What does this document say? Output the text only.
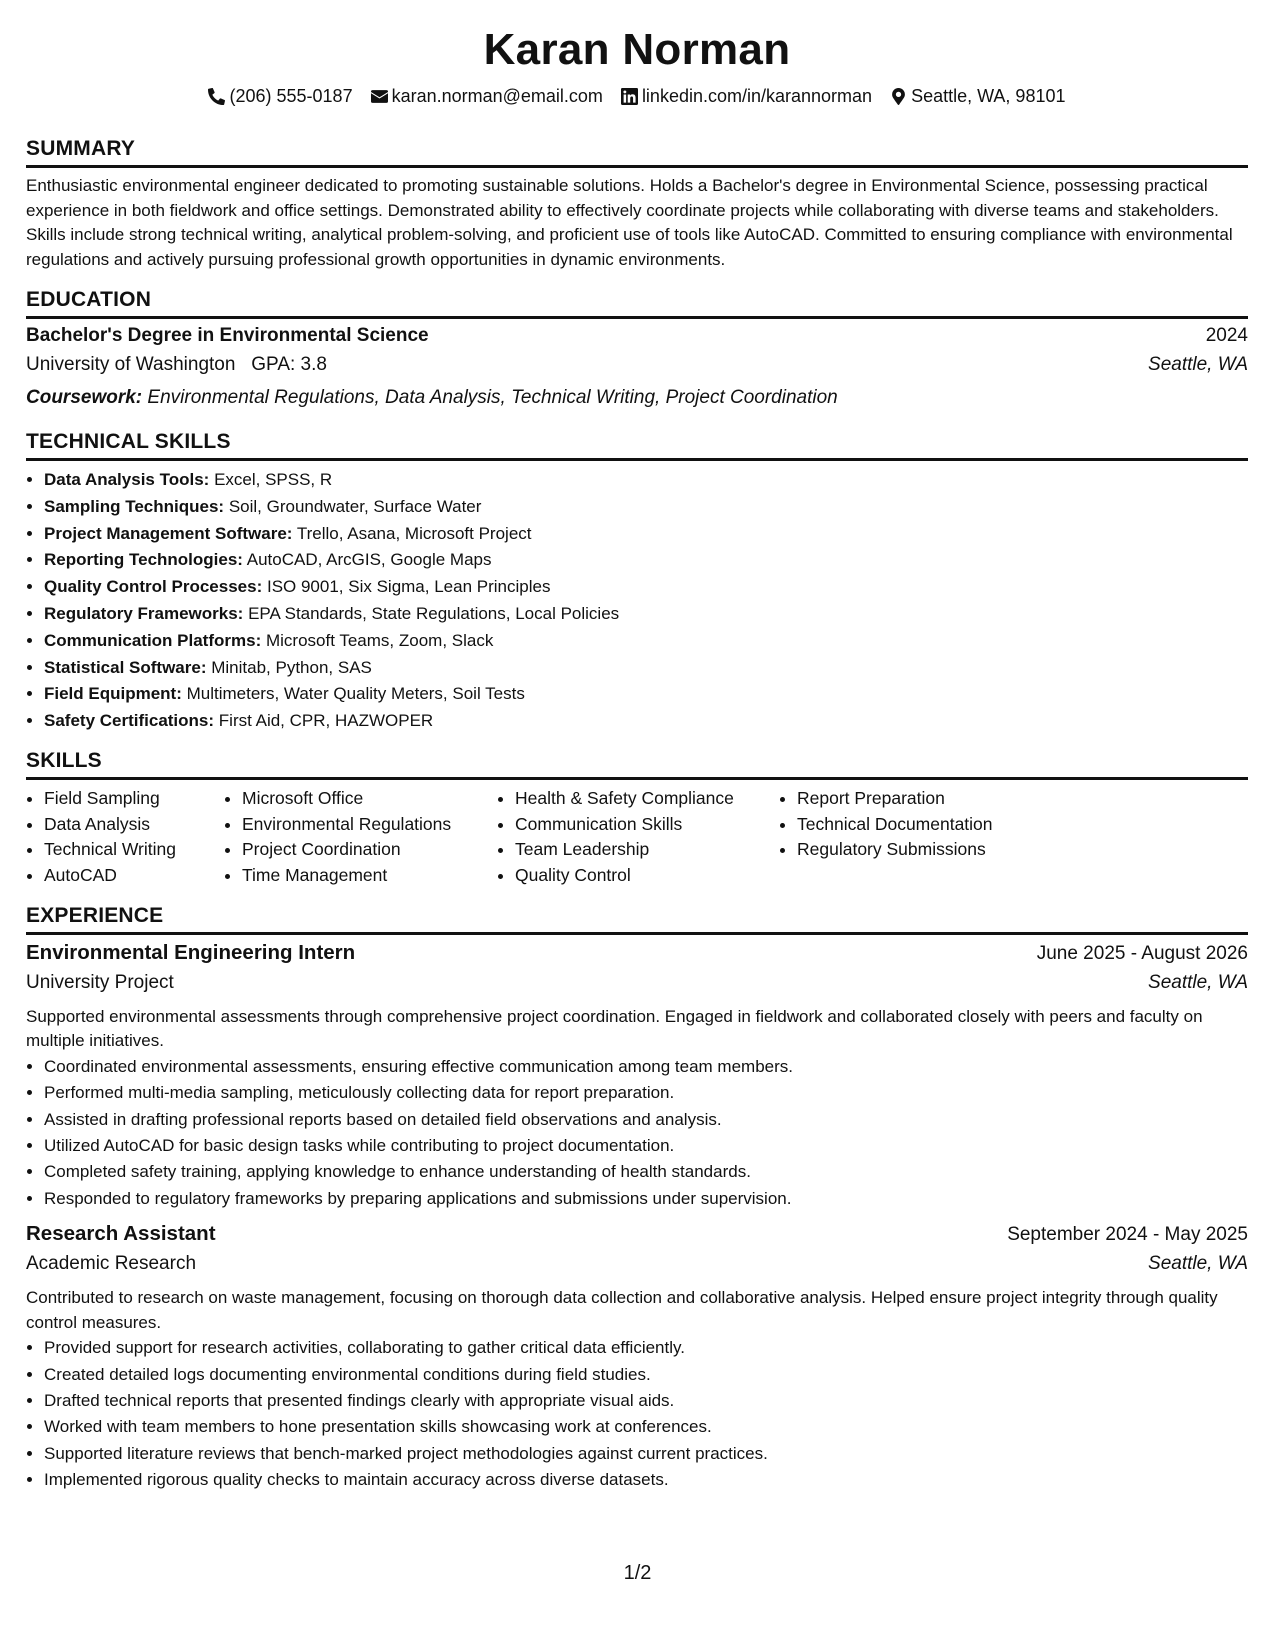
Karan Norman
(206) 555-0187 karan.norman@email.com linkedin.com/in/karannorman Seattle, WA, 98101
SUMMARY
Enthusiastic environmental engineer dedicated to promoting sustainable solutions. Holds a Bachelor's degree in Environmental Science, possessing practical experience in both fieldwork and office settings. Demonstrated ability to effectively coordinate projects while collaborating with diverse teams and stakeholders. Skills include strong technical writing, analytical problem-solving, and proficient use of tools like AutoCAD. Committed to ensuring compliance with environmental regulations and actively pursuing professional growth opportunities in dynamic environments.
EDUCATION
Bachelor's Degree in Environmental Science	2024
University of Washington GPA: 3.8	Seattle, WA
Coursework: Environmental Regulations, Data Analysis, Technical Writing, Project Coordination
TECHNICAL SKILLS
• Data Analysis Tools: Excel, SPSS, R
• Sampling Techniques: Soil, Groundwater, Surface Water
• Project Management Software: Trello, Asana, Microsoft Project
• Reporting Technologies: AutoCAD, ArcGIS, Google Maps
• Quality Control Processes: ISO 9001, Six Sigma, Lean Principles
• Regulatory Frameworks: EPA Standards, State Regulations, Local Policies
• Communication Platforms: Microsoft Teams, Zoom, Slack
• Statistical Software: Minitab, Python, SAS
• Field Equipment: Multimeters, Water Quality Meters, Soil Tests
• Safety Certifications: First Aid, CPR, HAZWOPER
SKILLS
• Field Sampling
• Data Analysis
• Technical Writing
• AutoCAD
• Microsoft Office
• Environmental Regulations
• Project Coordination
• Time Management
• Health & Safety Compliance
• Communication Skills
• Team Leadership
• Quality Control
• Report Preparation
• Technical Documentation
• Regulatory Submissions
EXPERIENCE
Environmental Engineering Intern	June 2025 - August 2026
University Project	Seattle, WA
Supported environmental assessments through comprehensive project coordination. Engaged in fieldwork and collaborated closely with peers and faculty on multiple initiatives.
• Coordinated environmental assessments, ensuring effective communication among team members.
• Performed multi-media sampling, meticulously collecting data for report preparation.
• Assisted in drafting professional reports based on detailed field observations and analysis.
• Utilized AutoCAD for basic design tasks while contributing to project documentation.
• Completed safety training, applying knowledge to enhance understanding of health standards.
• Responded to regulatory frameworks by preparing applications and submissions under supervision.
Research Assistant	September 2024 - May 2025
Academic Research	Seattle, WA
Contributed to research on waste management, focusing on thorough data collection and collaborative analysis. Helped ensure project integrity through quality control measures.
• Provided support for research activities, collaborating to gather critical data efficiently.
• Created detailed logs documenting environmental conditions during field studies.
• Drafted technical reports that presented findings clearly with appropriate visual aids.
• Worked with team members to hone presentation skills showcasing work at conferences.
• Supported literature reviews that bench-marked project methodologies against current practices.
• Implemented rigorous quality checks to maintain accuracy across diverse datasets.
1/2
